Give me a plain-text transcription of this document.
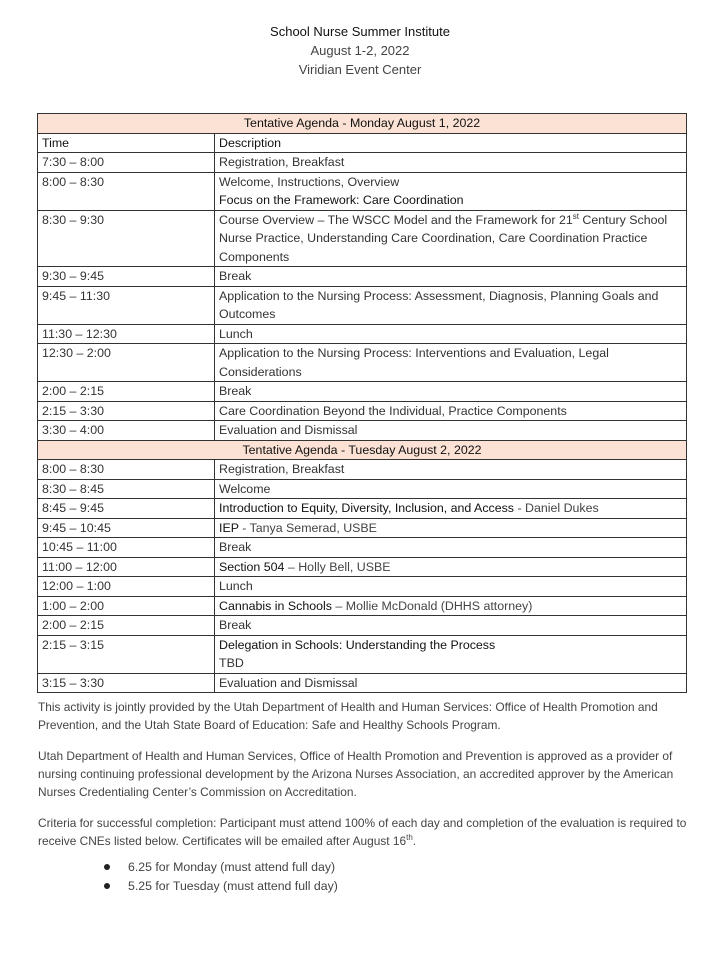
School Nurse Summer Institute
August 1-2, 2022
Viridian Event Center
Tentative Agenda - Monday August 1, 2022	
Time	Description
7:30 – 8:00	Registration, Breakfast
8:00 – 8:30	Welcome, Instructions, Overview
Focus on the Framework: Care Coordination

8:30 – 9:30	Course Overview – The WSCC Model and the Framework for 21st Century School Nurse Practice, Understanding Care Coordination, Care Coordination Practice Components
9:30 – 9:45	Break
9:45 – 11:30	Application to the Nursing Process: Assessment, Diagnosis, Planning Goals and Outcomes
11:30 – 12:30	Lunch
12:30 – 2:00	Application to the Nursing Process: Interventions and Evaluation, Legal Considerations
2:00 – 2:15	Break
2:15 – 3:30	Care Coordination Beyond the Individual, Practice Components
3:30 – 4:00	Evaluation and Dismissal
Tentative Agenda - Tuesday August 2, 2022	
8:00 – 8:30	Registration, Breakfast
8:30 – 8:45	Welcome
8:45 – 9:45	Introduction to Equity, Diversity, Inclusion, and Access - Daniel Dukes
9:45 – 10:45	IEP - Tanya Semerad, USBE
10:45 – 11:00	Break
11:00 – 12:00	Section 504 – Holly Bell, USBE
12:00 – 1:00	Lunch
1:00 – 2:00	Cannabis in Schools – Mollie McDonald (DHHS attorney)
2:00 – 2:15	Break
2:15 – 3:15	Delegation in Schools: Understanding the Process
TBD

3:15 – 3:30	Evaluation and Dismissal

This activity is jointly provided by the Utah Department of Health and Human Services: Office of Health Promotion and Prevention, and the Utah State Board of Education: Safe and Healthy Schools Program.

Utah Department of Health and Human Services, Office of Health Promotion and Prevention is approved as a provider of nursing continuing professional development by the Arizona Nurses Association, an accredited approver by the American Nurses Credentialing Center’s Commission on Accreditation.

Criteria for successful completion: Participant must attend 100% of each day and completion of the evaluation is required to receive CNEs listed below. Certificates will be emailed after August 16th.

6.25 for Monday (must attend full day)
5.25 for Tuesday (must attend full day)
